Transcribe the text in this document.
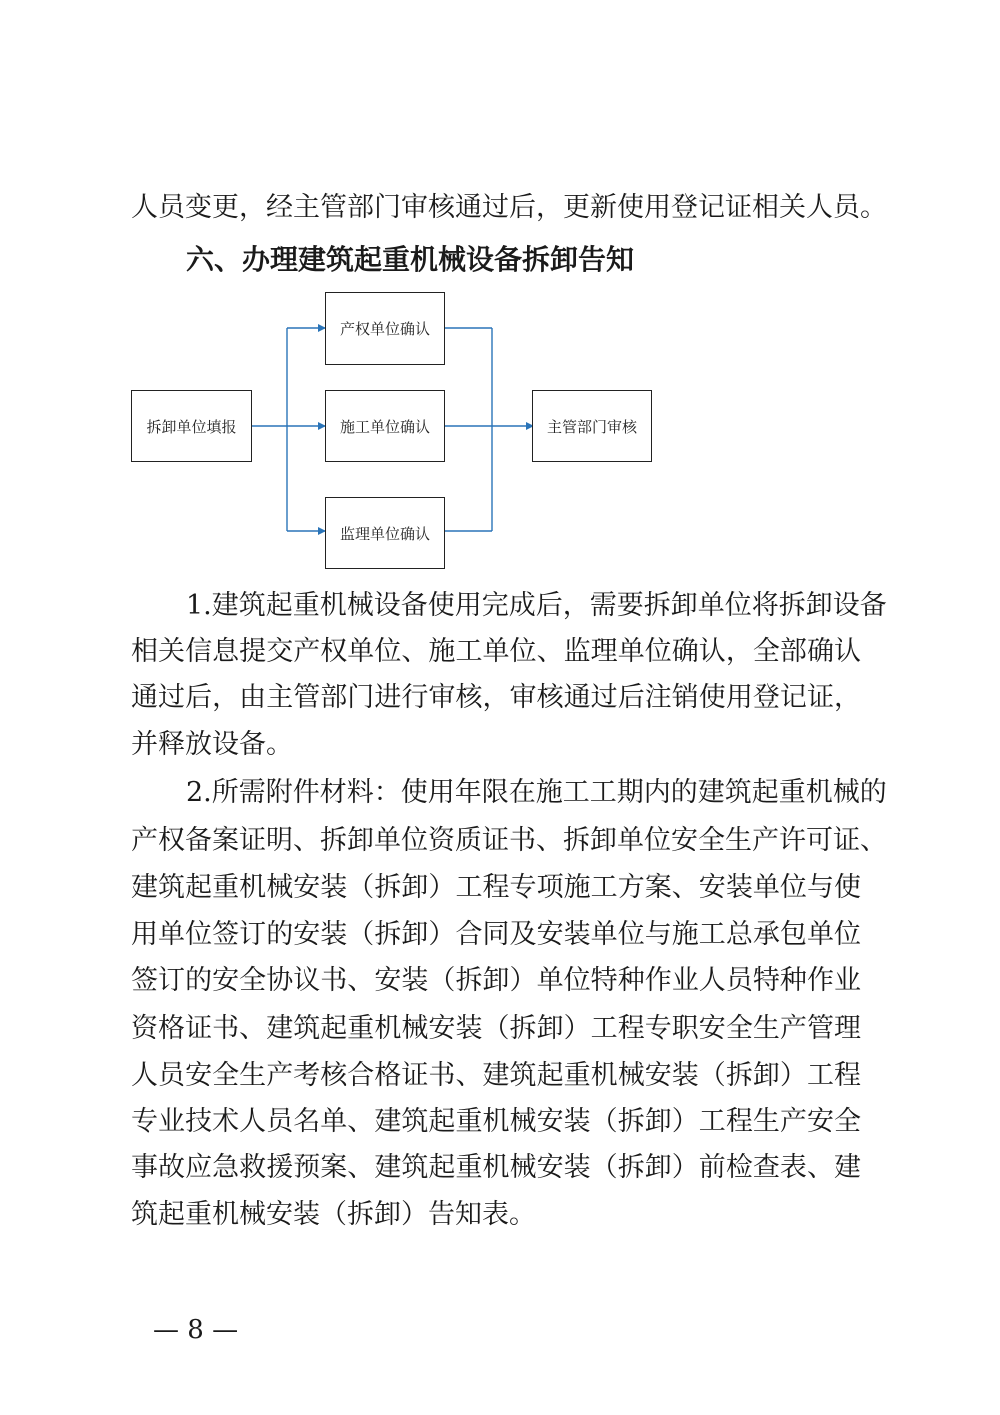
人员变更，经主管部门审核通过后，更新使用登记证相关人员。
六、办理建筑起重机械设备拆卸告知
拆卸单位填报
产权单位确认
施工单位确认
监理单位确认
主管部门审核
1.建筑起重机械设备使用完成后，需要拆卸单位将拆卸设备
相关信息提交产权单位、施工单位、监理单位确认，全部确认
通过后，由主管部门进行审核，审核通过后注销使用登记证，
并释放设备。
2.所需附件材料：使用年限在施工工期内的建筑起重机械的
产权备案证明、拆卸单位资质证书、拆卸单位安全生产许可证、
建筑起重机械安装（拆卸）工程专项施工方案、安装单位与使
用单位签订的安装（拆卸）合同及安装单位与施工总承包单位
签订的安全协议书、安装（拆卸）单位特种作业人员特种作业
资格证书、建筑起重机械安装（拆卸）工程专职安全生产管理
人员安全生产考核合格证书、建筑起重机械安装（拆卸）工程
专业技术人员名单、建筑起重机械安装（拆卸）工程生产安全
事故应急救援预案、建筑起重机械安装（拆卸）前检查表、建
筑起重机械安装（拆卸）告知表。
— 8 —
